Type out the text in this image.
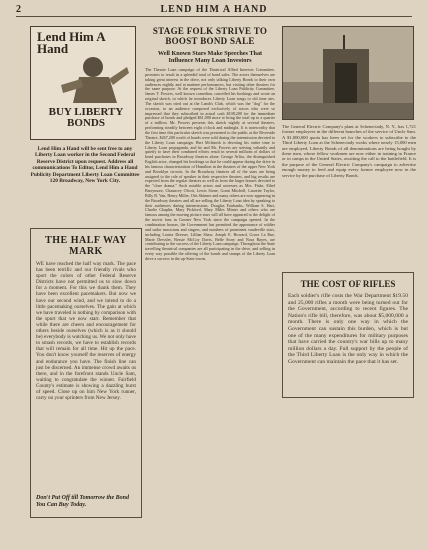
2	LEND HIM A HAND
Lend Him A Hand
BUY LIBERTY BONDS
Lend Him a Hand will be sent free to any Liberty Loan worker in the Second Federal Reserve District upon request. Address all communications To Editor, Lend Him a Hand Publicity Department Liberty Loan Committee 120 Broadway, New York City.
THE HALF WAY MARK
WE have reached the half way mark. The pace has been terrific and our friendly rivals who sport the colors of other Federal Reserve Districts have not permitted us to slow down for a moment. For this we thank them. They have been excellent pacemakers. But now we have our second wind, and we intend to do a little pacemaking ourselves. The gain at which we have traveled is nothing by comparison with the spurt that we now start. Remember that while there are cheers and encouragement for others beside ourselves (which is as it should be) everybody is watching us. We not only have to smash records, we have to establish records that will remain for all time. Hit up the pace. You don't know yourself the reserves of energy and endurance you have. The finish line can just be discerned. An immense crowd awaits us there, and in the forefront stands Uncle Sam, waiting to congratulate the winner. Fairfield County's estimate is showing a dazzling burst of speed. Close up on him New York runner, carry on your sprinters from New Jersey.
Don't Put Off till Tomorrow the Bond You Can Buy Today.
STAGE FOLK STRIVE TO BOOST BOND SALE
Well Known Stars Make Speeches That Influence Many Loan Investors
The Theatre Loan campaign of the Theatrical Allied Interests Committee, promises to result in a splendid total of bond sales. The actors themselves are taking great interest in the drive, not only talking Liberty Bonds to their own audiences nightly and at matinee performances, but visiting other theatres for the same purpose. At the request of the Liberty Loan Publicity Committee, James T. Powers, well known comedian, cancelled his bookings and wrote an original sketch, in which he introduces Liberty Loan songs to old time airs. The sketch was tried out at the Lamb's Club, which was the "dog" for the occasion, to an audience composed exclusively of actors who were so impressed that they subscribed in actual cash $108,200 for the immediate purchase of bonds and pledged $61,000 more to bring the total up to a quarter of a million. Mr. Powers presents this sketch nightly at several theatres, performing steadily between eight o'clock and midnight. It is noteworthy that the first time this particular sketch was presented to the public at the Riverside Theatre, $267,200 worth of bonds were sold during the intermission devoted to the Liberty Loan campaign. Bert McIntosh is devoting his entire time to Liberty Loan propaganda, and he and Mr. Powers are striving valiantly and quietly to have their combined efforts result in several millions of dollars of bond purchases in Broadway theatres alone. George Arliss, the distinguished English actor, changed his bookings so that he could appear during the drive in his famous characterization of Hamilton in the theatres of the upper New York and Brooklyn circuits. In the Broadway theatres all of the stars are being assigned to the role of speaker in their respective theatres, and big results are expected from the regular theatres as well as from the larger houses devoted to the "close drama." Such notable actors and actresses as Mrs. Fiske, Ethel Barrymore, Chauncey Olcott, Lewis Stone, Grant Mitchell, Laurette Taylor, Billy B. Van, Henry Miller, Otis Skinner and many others are now appearing in the Broadway theatres and all are selling the Liberty Loan idea by speaking to their audiences during intermissions. Douglas Fairbanks, William S. Hart, Charlie Chaplin, Mary Pickford, Mary Miles Minter and others who are famous among the moving picture stars will all have appeared to the delight of the movie fans in Greater New York since the campaign opened. In the combination houses, the Government has permitted the appearance of soldier and sailor musicians and singers, and numbers of prominent vaudeville stars, including Louise Dresser, Lillian Shaw, Joseph E. Howard, Grace La Rue, Marie Dressler, Bessie McCoy Davis, Belle Story and Nora Bayes, are contributing to the success of the Liberty Loan campaign. Throughout the State travelling theatrical companies are all participating in the drive, and selling in every way possible the offering of the bonds and stamps of the Liberty Loan drive a success in the up-State towns.
The General Electric Company's plant at Schenectady, N. Y., has 1,721 former employees in the different branches of the service of Uncle Sam. A $1,000,000 quota has been set for the workers to subscribe to the Third Liberty Loan at the Schenectady works where nearly 15,000 men are employed. Liberty Bonds of all denominations are being bought by these men, whose fellow workmen are now either in training in France or in camps in the United States, awaiting the call to the battlefield. It is the purpose of the General Electric Company's campaign to advertise enough money to feed and equip every former employee now in the service by the purchase of Liberty Bonds.
THE COST OF RIFLES
Each soldier's rifle costs the War Department $19.50 and 25,000 rifles a month were being turned out for the Government, according to recent figures. The Nation's rifle bill, therefore, was about $5,000,000 a month. There is only one way in which the Government can sustain this burden, which is but one of the many expenditures for military purposes that have carried the country's war bills up to many million dollars a day. Full support by the people of the Third Liberty Loan is the only way in which the Government can maintain the pace that it has set.
